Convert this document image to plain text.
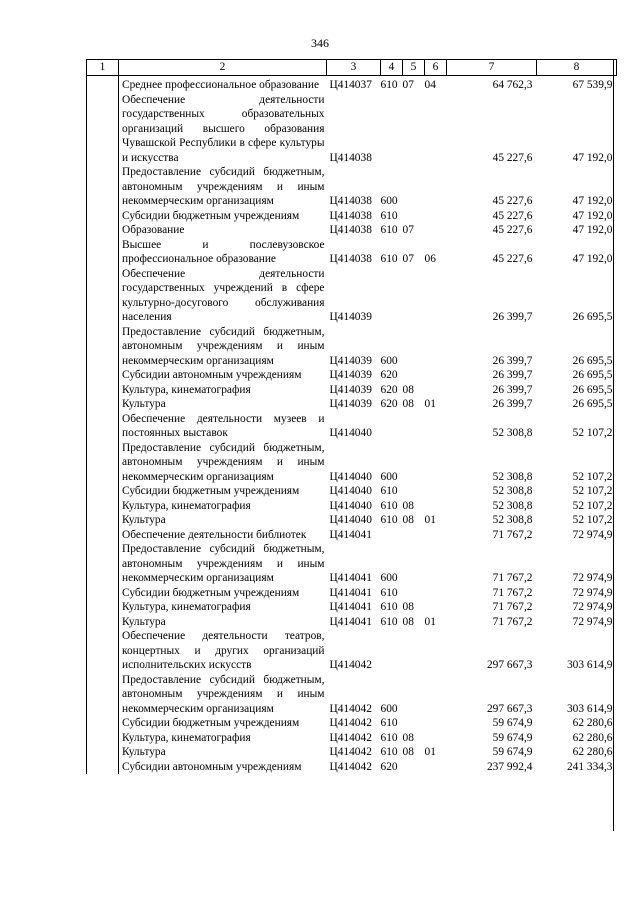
346
1	2	3	4	5	6	7	8
	Среднее профессиональное образование	Ц414037	610	07	04	64 762,3	67 539,9
	Обеспечение деятельности государственных образовательных организаций высшего образования Чувашской Республики в сфере культуры и искусства	Ц414038				45 227,6	47 192,0
	Предоставление субсидий бюджетным, автономным учреждениям и иным некоммерческим организациям	Ц414038	600			45 227,6	47 192,0
	Субсидии бюджетным учреждениям	Ц414038	610			45 227,6	47 192,0
	Образование	Ц414038	610	07		45 227,6	47 192,0
	Высшее и послевузовское профессиональное образование	Ц414038	610	07	06	45 227,6	47 192,0
	Обеспечение деятельности государственных учреждений в сфере культурно-досугового обслуживания населения	Ц414039				26 399,7	26 695,5
	Предоставление субсидий бюджетным, автономным учреждениям и иным некоммерческим организациям	Ц414039	600			26 399,7	26 695,5
	Субсидии автономным учреждениям	Ц414039	620			26 399,7	26 695,5
	Культура, кинематография	Ц414039	620	08		26 399,7	26 695,5
	Культура	Ц414039	620	08	01	26 399,7	26 695,5
	Обеспечение деятельности музеев и постоянных выставок	Ц414040				52 308,8	52 107,2
	Предоставление субсидий бюджетным, автономным учреждениям и иным некоммерческим организациям	Ц414040	600			52 308,8	52 107,2
	Субсидии бюджетным учреждениям	Ц414040	610			52 308,8	52 107,2
	Культура, кинематография	Ц414040	610	08		52 308,8	52 107,2
	Культура	Ц414040	610	08	01	52 308,8	52 107,2
	Обеспечение деятельности библиотек	Ц414041				71 767,2	72 974,9
	Предоставление субсидий бюджетным, автономным учреждениям и иным некоммерческим организациям	Ц414041	600			71 767,2	72 974,9
	Субсидии бюджетным учреждениям	Ц414041	610			71 767,2	72 974,9
	Культура, кинематография	Ц414041	610	08		71 767,2	72 974,9
	Культура	Ц414041	610	08	01	71 767,2	72 974,9
	Обеспечение деятельности театров, концертных и других организаций исполнительских искусств	Ц414042				297 667,3	303 614,9
	Предоставление субсидий бюджетным, автономным учреждениям и иным некоммерческим организациям	Ц414042	600			297 667,3	303 614,9
	Субсидии бюджетным учреждениям	Ц414042	610			59 674,9	62 280,6
	Культура, кинематография	Ц414042	610	08		59 674,9	62 280,6
	Культура	Ц414042	610	08	01	59 674,9	62 280,6
	Субсидии автономным учреждениям	Ц414042	620			237 992,4	241 334,3
